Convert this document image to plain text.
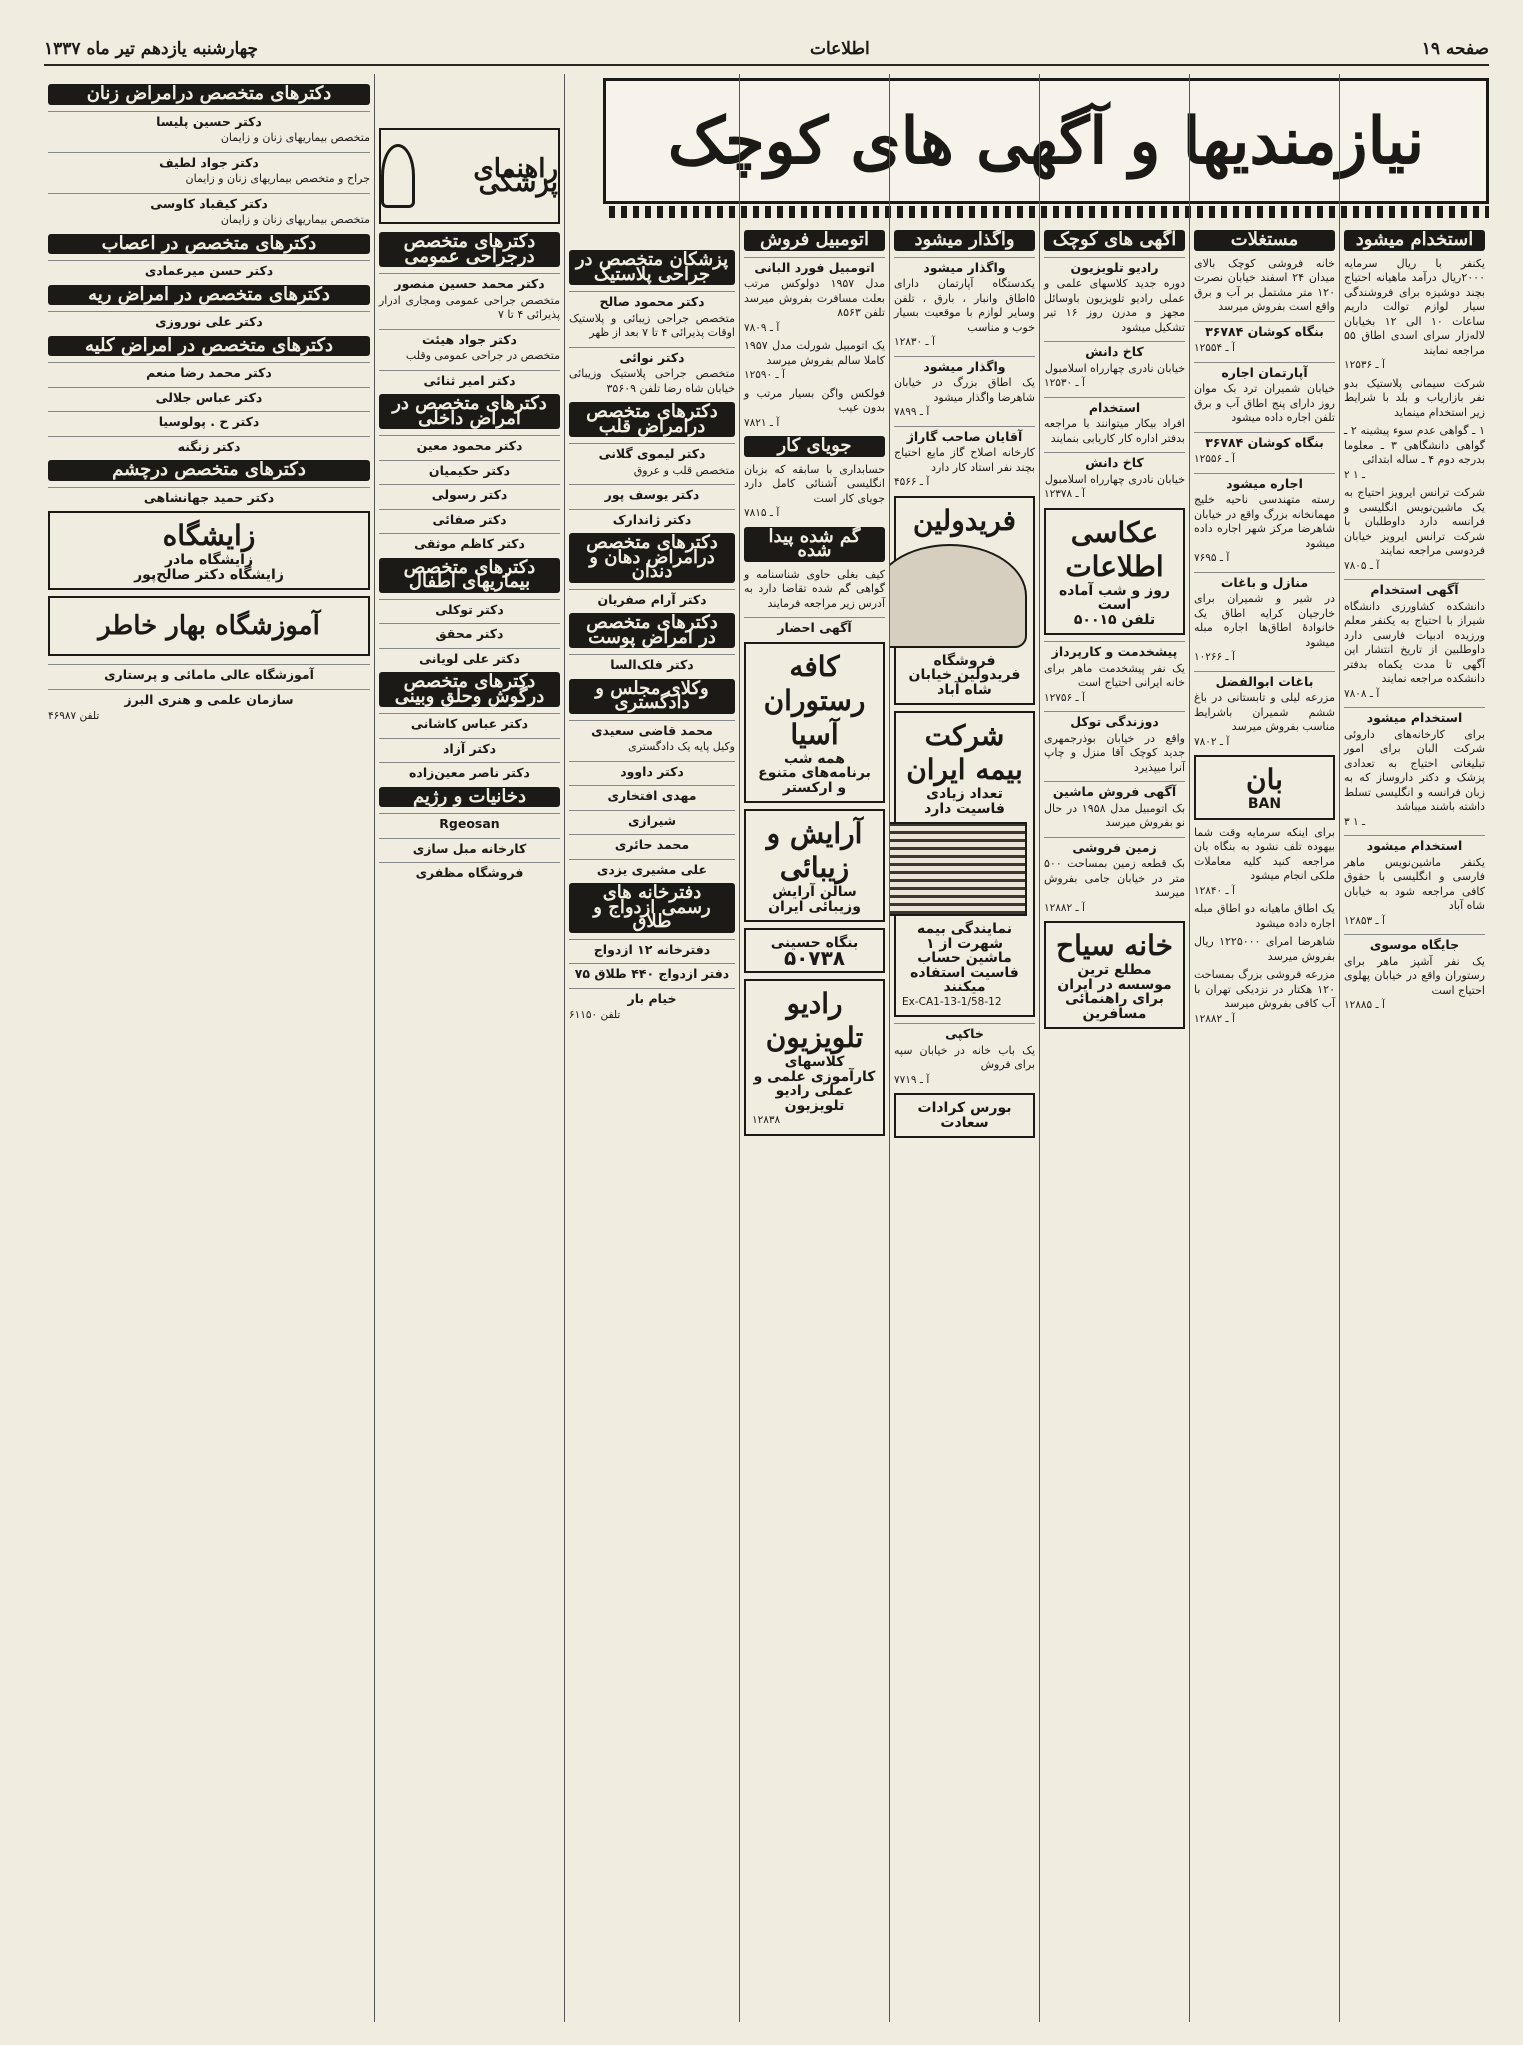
صفحه ۱۹
اطلاعات
چهارشنبه یازدهم تیر ماه ۱۳۳۷
نیازمندیها و آگهی های کوچک
استخدام میشود

یکنفر با ریال سرمایه ۲۰۰۰ریال درآمد ماهیانه احتیاج بچند دوشیزه برای فروشندگی سیار لوازم توالت داریم ساعات ۱۰ الی ۱۲ بخیابان لاله‌زار سرای اسدی اطاق ۵۵ مراجعه نمایند

آ ـ ۱۲۵۳۶

شرکت سیمانی پلاستیک بدو نفر بازاریاب و بلد با شرایط زیر استخدام مینماید

۱ ـ گواهی عدم سوء پیشینه ۲ ـ گواهی دانشگاهی ۳ ـ معلوما بدرجه دوم ۴ ـ ساله ابتدائی

۲ ـ ۱

شرکت ترانس ایرویز احتیاج به یک ماشین‌نویس انگلیسی و فرانسه دارد داوطلبان با شرکت ترانس ایرویز خیابان فردوسی مراجعه نمایند

آ ـ ۷۸۰۵
آگهی استخدام

دانشکده کشاورزی دانشگاه شیراز با احتیاج به یکنفر معلم ورزیده ادبیات فارسی دارد داوطلبین از تاریخ انتشار این آگهی تا مدت یکماه بدفتر دانشکده مراجعه نمایند

آ ـ ۷۸۰۸
استخدام میشود

برای کارخانه‌های داروئی شرکت البان برای امور تبلیغاتی احتیاج به تعدادی پزشک و دکتر داروساز که به زبان فرانسه و انگلیسی تسلط داشته باشند میباشد

۳ ـ ۱
استخدام میشود

یکنفر ماشین‌نویس ماهر فارسی و انگلیسی با حقوق کافی مراجعه شود به خیابان شاه آباد

آ ـ ۱۲۸۵۳
جایگاه موسوی

یک نفر آشپز ماهر برای رستوران واقع در خیابان پهلوی احتیاج است

آ ـ ۱۲۸۸۵
مستغلات

خانه فروشی کوچک بالای میدان ۲۴ اسفند خیابان نصرت ۱۲۰ متر مشتمل بر آب و برق واقع است بفروش میرسد

بنگاه کوشان ۳۶۷۸۴
آ ـ ۱۲۵۵۴
آپارتمان اجاره

خیابان شمیران ترد بک موان روز دارای پنج اطاق آب و برق تلفن اجاره داده میشود

بنگاه کوشان ۳۶۷۸۴
آ ـ ۱۲۵۵۶
اجاره میشود

رسته متهندسی ناحیه خلیج مهمانخانه بزرگ واقع در خیابان شاهرضا مرکز شهر اجاره داده میشود

آ ـ ۷۶۹۵
منازل و باغات

در شیر و شمیران برای خارجیان کرایه اطاق یک خانوادهٔ اطاق‌ها اجاره مبله میشود

آ ـ ۱۰۲۶۶
باغات ابوالفضل

مزرعه لیلی و تابستانی در باغ ششم شمیران باشرایط مناسب بفروش میرسد

آ ـ ۷۸۰۲
بان
BAN

برای اینکه سرمایه وقت شما بیهوده تلف نشود به بنگاه بان مراجعه کنید کلیه معاملات ملکی انجام میشود

آ ـ ۱۲۸۴۰

یک اطاق ماهیانه دو اطاق مبله اجاره داده میشود

شاهرضا امرای ۱۲۲۵۰۰۰ ریال بفروش میرسد

مزرعه فروشی بزرگ بمساحت ۱۲۰ هکتار در نزدیکی تهران با آب کافی بفروش میرسد

آ ـ ۱۲۸۸۲
آگهی های کوچک
رادیو تلویزیون

دوره جدید کلاسهای علمی و عملی رادیو تلویزیون باوسائل مجهز و مدرن روز ۱۶ تیر تشکیل میشود

کاخ دانش

خیابان نادری چهارراه اسلامبول

آ ـ ۱۲۵۳۰
استخدام

افراد بیکار میتوانند با مراجعه بدفتر اداره کار کاریابی بنمایند

کاخ دانش

خیابان نادری چهارراه اسلامبول

آ ـ ۱۲۳۷۸
عکاسی اطلاعات
روز و شب آماده است
تلفن ۵۰۰۱۵
پیشخدمت و کارپرداز

یک نفر پیشخدمت ماهر برای خانه ایرانی احتیاج است

آ ـ ۱۲۷۵۶
دوزندگی توکل

واقع در خیابان بوذرجمهری جدید کوچک آقا منزل و چاپ آنرا میپذیرد

آگهی فروش ماشین

بک اتومبیل مدل ۱۹۵۸ در حال نو بفروش میرسد

زمین فروشی

بک قطعه زمین بمساحت ۵۰۰ متر در خیابان جامی بفروش میرسد

آ ـ ۱۲۸۸۲
خانه سیاح
مطلع ترین موسسه در ایران برای راهنمائی مسافرین
واگذار میشود
واگذار میشود

یکدستگاه آپارتمان دارای ۵اطاق وانبار ، بارق ، تلفن وسایر لوازم با موقعیت بسیار خوب و مناسب

آ ـ ۱۲۸۳۰
واگذار میشود

یک اطاق بزرگ در خیابان شاهرضا واگذار میشود

آ ـ ۷۸۹۹
آقایان صاحب گاراژ

کارخانه اصلاح گاز مایع احتیاج بچند نفر استاد کار دارد

آ ـ ۴۵۶۶
فریدولین
فروشگاه فریدولین خیابان شاه آباد
شرکت بیمه ایران
تعداد زیادی
فاسیت دارد
نمایندگی بیمه شهرت از ۱ ماشین حساب فاسیت استفاده میکنند
Ex-CA1-13-1/58-12
خاکپی

یک باب خانه در خیابان سپه برای فروش

آ ـ ۷۷۱۹
بورس کرادات سعادت
اتومبیل فروش
اتومبیل فورد البانی

مدل ۱۹۵۷ دولوکس مرتب بعلت مسافرت بفروش میرسد تلفن ۸۵۶۳

آ ـ ۷۸۰۹

یک اتومبیل شورلت مدل ۱۹۵۷ کاملا سالم بفروش میرسد

آ ـ ۱۲۵۹۰

فولکس واگن بسیار مرتب و بدون عیب

آ ـ ۷۸۲۱
جویای کار

حسابداری با سابقه که بزبان انگلیسی آشنائی کامل دارد جویای کار است

آ ـ ۷۸۱۵
گم شده پیدا شده

کیف بغلی حاوی شناسنامه و گواهی گم شده تقاضا دارد به آدرس زیر مراجعه فرمایند

آگهی احضار
کافه رستوران آسیا
همه شب برنامه‌های متنوع و ارکستر
آرایش و زیبائی
سالن آرایش وزیبائی ایران
بنگاه حسینی
۵۰۷۳۸
رادیو تلویزیون
کلاسهای کارآموزی علمی و عملی رادیو تلویزیون
۱۲۸۳۸
پزشکان متخصص در جراحی پلاستیک
دکتر محمود صالح

متخصص جراحی زیبائی و پلاستیک اوقات پذیرائی ۴ تا ۷ بعد از ظهر

دکتر نوائی

متخصص جراحی پلاستیک وزیبائی خیابان شاه رضا تلفن ۳۵۶۰۹

دکترهای متخصص درامراض قلب
دکتر لیموی گلانی

متخصص قلب و عروق

دکتر یوسف پور
دکتر ژاندارک
دکترهای متخصص درامراض دهان و دندان
دکتر آرام صفریان
دکترهای متخصص در امراض پوست
دکتر فلک‌السا
وکلای مجلس و دادگستری
محمد قاضی سعیدی

وکیل پایه یک دادگستری

دکتر داوود
مهدی افتخاری
شیرازی
محمد حائری
علی مشیری یزدی
دفترخانه های رسمی ازدواج و طلاق
دفترخانه ۱۲ ازدواج
دفتر ازدواج ۴۴۰ طلاق ۷۵
خیام بار
تلفن ۶۱۱۵۰
راهنمای پزشکی
دکترهای متخصص درجراحی عمومی
دکتر محمد حسین منصور

متخصص جراحی عمومی ومجاری ادرار پذیرائی ۴ تا ۷

دکتر جواد هیئت

متخصص در جراحی عمومی وقلب

دکتر امیر ثنائی
دکترهای متخصص در امراض داخلی
دکتر محمود معین
دکتر حکیمیان
دکتر رسولی
دکتر صفائی
دکتر کاظم موثقی
دکترهای متخصص بیماریهای اطفال
دکتر توکلی
دکتر محقق
دکتر علی لویانی
دکترهای متخصص درگوش وحلق وبینی
دکتر عباس کاشانی
دکتر آزاد
دکتر ناصر معین‌زاده
دخانیات و رژیم
Rgeosan
کارخانه مبل سازی
فروشگاه مظفری
دکترهای متخصص درامراض زنان
دکتر حسین پلیسا

متخصص بیماریهای زنان و زایمان

دکتر جواد لطیف

جراح و متخصص بیماریهای زنان و زایمان

دکتر کیقباد کاوسی

متخصص بیماریهای زنان و زایمان

دکترهای متخصص در اعصاب
دکتر حسن میرعمادی
دکترهای متخصص در امراض ریه
دکتر علی نوروزی
دکترهای متخصص در امراض کلیه
دکتر محمد رضا منعم
دکتر عباس جلالی
دکتر ح . پولوسیا
دکتر زنگنه
دکترهای متخصص درچشم
دکتر حمید جهانشاهی
زایشگاه
زایشگاه مادر
زایشگاه دکتر صالح‌پور
آموزشگاه بهار خاطر
آموزشگاه عالی مامائی و پرستاری
سازمان علمی و هنری البرز
تلفن ۴۶۹۸۷
